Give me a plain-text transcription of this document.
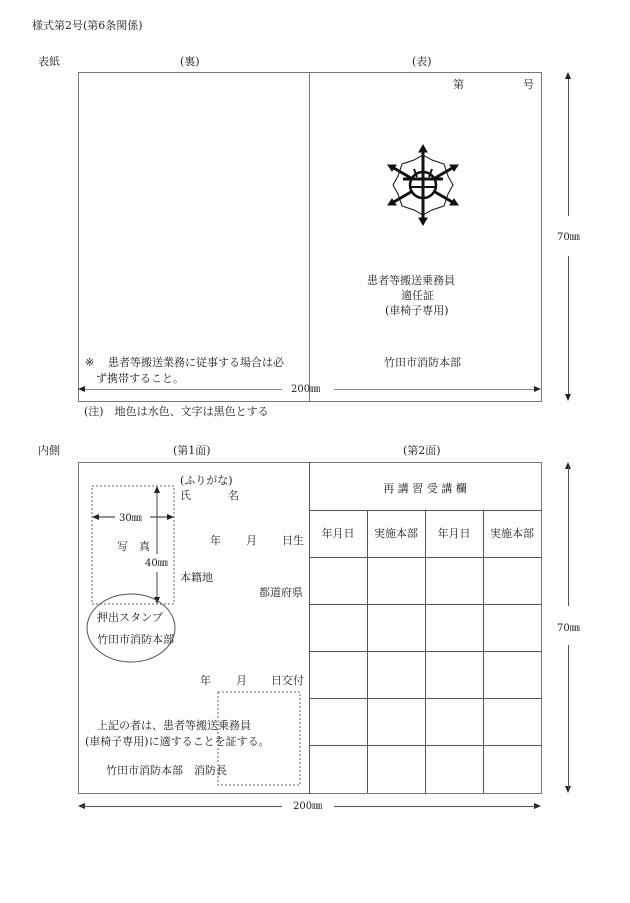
様式第2号(第6条関係)
表紙	(裏)	(表)
第	号
患者等搬送乗務員
適任証
(車椅子専用)
竹田市消防本部
※ 患者等搬送業務に従事する場合は必
ず携帯すること。
200㎜
70㎜
(注)　地色は水色、文字は黒色とする
内側	(第1面)	(第2面)
(ふりがな)
氏	名
年 月 日生
本籍地
都道府県
写　真
30㎜
40㎜
押出スタンプ
竹田市消防本部
年 月 日交付
上記の者は、患者等搬送乗務員
(車椅子専用)に適することを証する。
竹田市消防本部　消防長
再 講 習 受 講 欄
年月日	実施本部	年月日	実施本部
200㎜
70㎜
